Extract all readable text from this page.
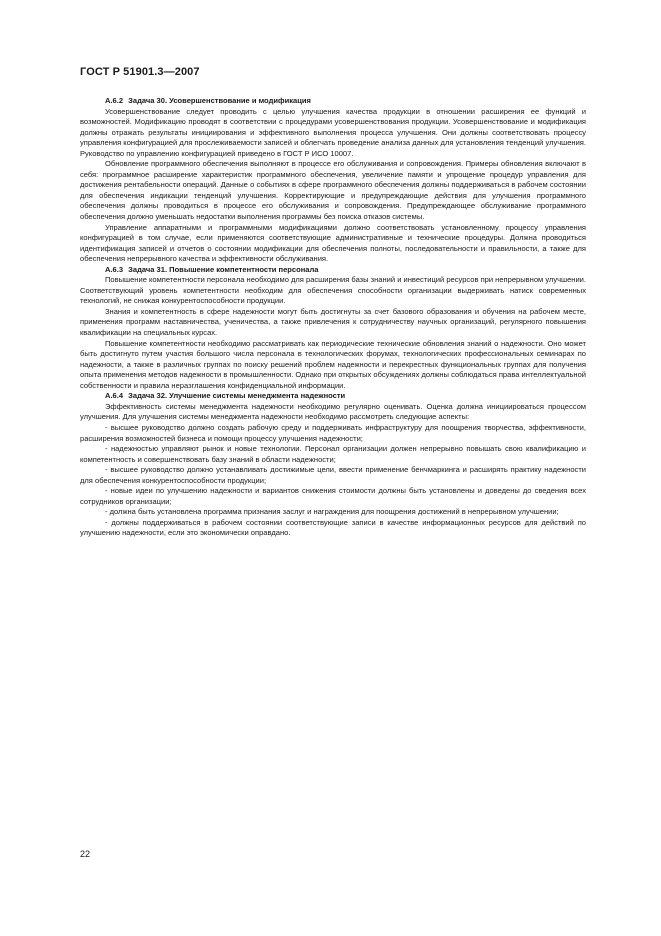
ГОСТ Р 51901.3—2007
А.6.2 Задача 30. Усовершенствование и модификация

Усовершенствование следует проводить с целью улучшения качества продукции в отношении расширения ее функций и возможностей. Модификацию проводят в соответствии с процедурами усовершенствования продукции. Усовершенствование и модификация должны отражать результаты инициирования и эффективного выполнения процесса улучшения. Они должны соответствовать процессу управления конфигурацией для прослеживаемости записей и облегчать проведение анализа данных для установления тенденций улучшения. Руководство по управлению конфигурацией приведено в ГОСТ Р ИСО 10007.

Обновление программного обеспечения выполняют в процессе его обслуживания и сопровождения. Примеры обновления включают в себя: программное расширение характеристик программного обеспечения, увеличение памяти и упрощение процедур управления для достижения рентабельности операций. Данные о событиях в сфере программного обеспечения должны поддерживаться в рабочем состоянии для обеспечения индикации тенденций улучшения. Корректирующие и предупреждающие действия для улучшения программного обеспечения должны проводиться в процессе его обслуживания и сопровождения. Предупреждающее обслуживание программного обеспечения должно уменьшать недостатки выполнения программы без поиска отказов системы.

Управление аппаратными и программными модификациями должно соответствовать установленному процессу управления конфигурацией в том случае, если применяются соответствующие административные и технические процедуры. Должна проводиться идентификация записей и отчетов о состоянии модификации для обеспечения полноты, последовательности и правильности, а также для обеспечения непрерывного качества и эффективности обслуживания.

А.6.3 Задача 31. Повышение компетентности персонала

Повышение компетентности персонала необходимо для расширения базы знаний и инвестиций ресурсов при непрерывном улучшении. Соответствующий уровень компетентности необходим для обеспечения способности организации выдерживать натиск современных технологий, не снижая конкурентоспособности продукции.

Знания и компетентность в сфере надежности могут быть достигнуты за счет базового образования и обучения на рабочем месте, применения программ наставничества, ученичества, а также привлечения к сотрудничеству научных организаций, регулярного повышения квалификации на специальных курсах.

Повышение компетентности необходимо рассматривать как периодические технические обновления знаний о надежности. Оно может быть достигнуто путем участия большого числа персонала в технологических форумах, технологических профессиональных семинарах по надежности, а также в различных группах по поиску решений проблем надежности и перекрестных функциональных группах для получения опыта применения методов надежности в промышленности. Однако при открытых обсуждениях должны соблюдаться права интеллектуальной собственности и правила неразглашения конфиденциальной информации.

А.6.4 Задача 32. Улучшение системы менеджмента надежности

Эффективность системы менеджмента надежности необходимо регулярно оценивать. Оценка должна инициироваться процессом улучшения. Для улучшения системы менеджмента надежности необходимо рассмотреть следующие аспекты:

- высшее руководство должно создать рабочую среду и поддерживать инфраструктуру для поощрения творчества, эффективности, расширения возможностей бизнеса и помощи процессу улучшения надежности;

- надежностью управляют рынок и новые технологии. Персонал организации должен непрерывно повышать свою квалификацию и компетентность и совершенствовать базу знаний в области надежности;

- высшее руководство должно устанавливать достижимые цели, ввести применение бенчмаркинга и расширять практику надежности для обеспечения конкурентоспособности продукции;

- новые идеи по улучшению надежности и вариантов снижения стоимости должны быть установлены и доведены до сведения всех сотрудников организации;

- должна быть установлена программа признания заслуг и награждения для поощрения достижений в непрерывном улучшении;

- должны поддерживаться в рабочем состоянии соответствующие записи в качестве информационных ресурсов для действий по улучшению надежности, если это экономически оправдано.

22
